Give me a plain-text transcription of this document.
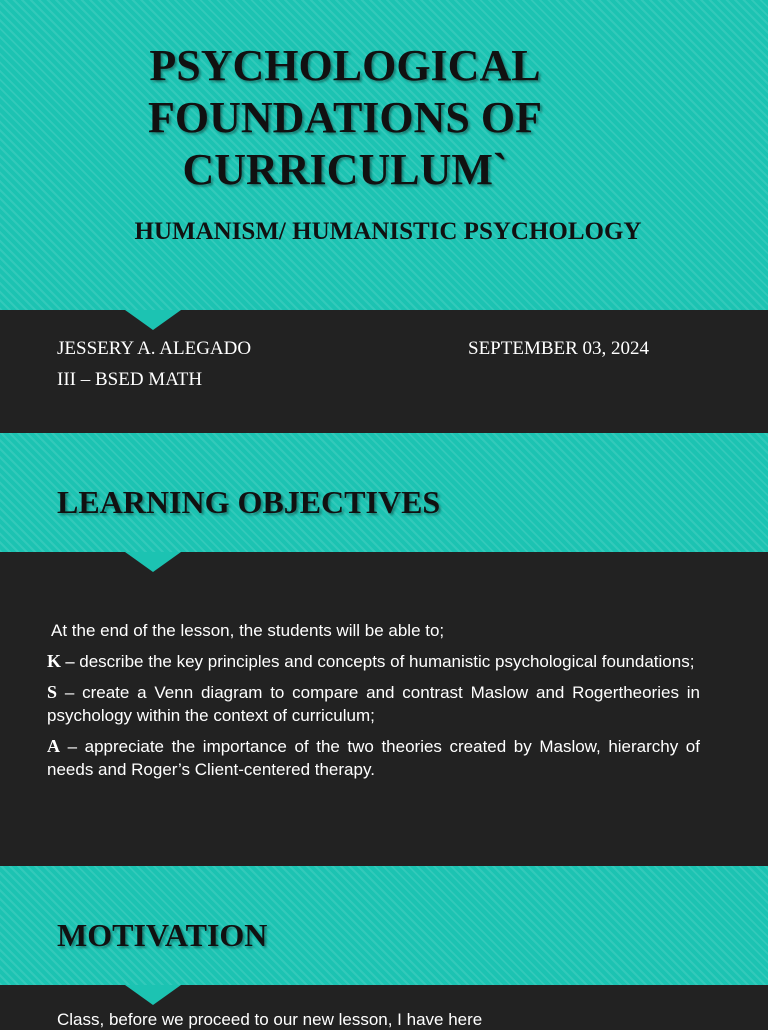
PSYCHOLOGICAL
FOUNDATIONS OF
CURRICULUM`
HUMANISM/ HUMANISTIC PSYCHOLOGY
JESSERY A. ALEGADO
III – BSED MATH
SEPTEMBER 03, 2024
LEARNING OBJECTIVES

At the end of the lesson, the students will be able to;

K – describe the key principles and concepts of humanistic psychological foundations;

S – create a Venn diagram to compare and contrast Maslow and Rogertheories in psychology within the context of curriculum;

A – appreciate the importance of the two theories created by Maslow, hierarchy of needs and Roger’s Client-centered therapy.

MOTIVATION
Class, before we proceed to our new lesson, I have here
